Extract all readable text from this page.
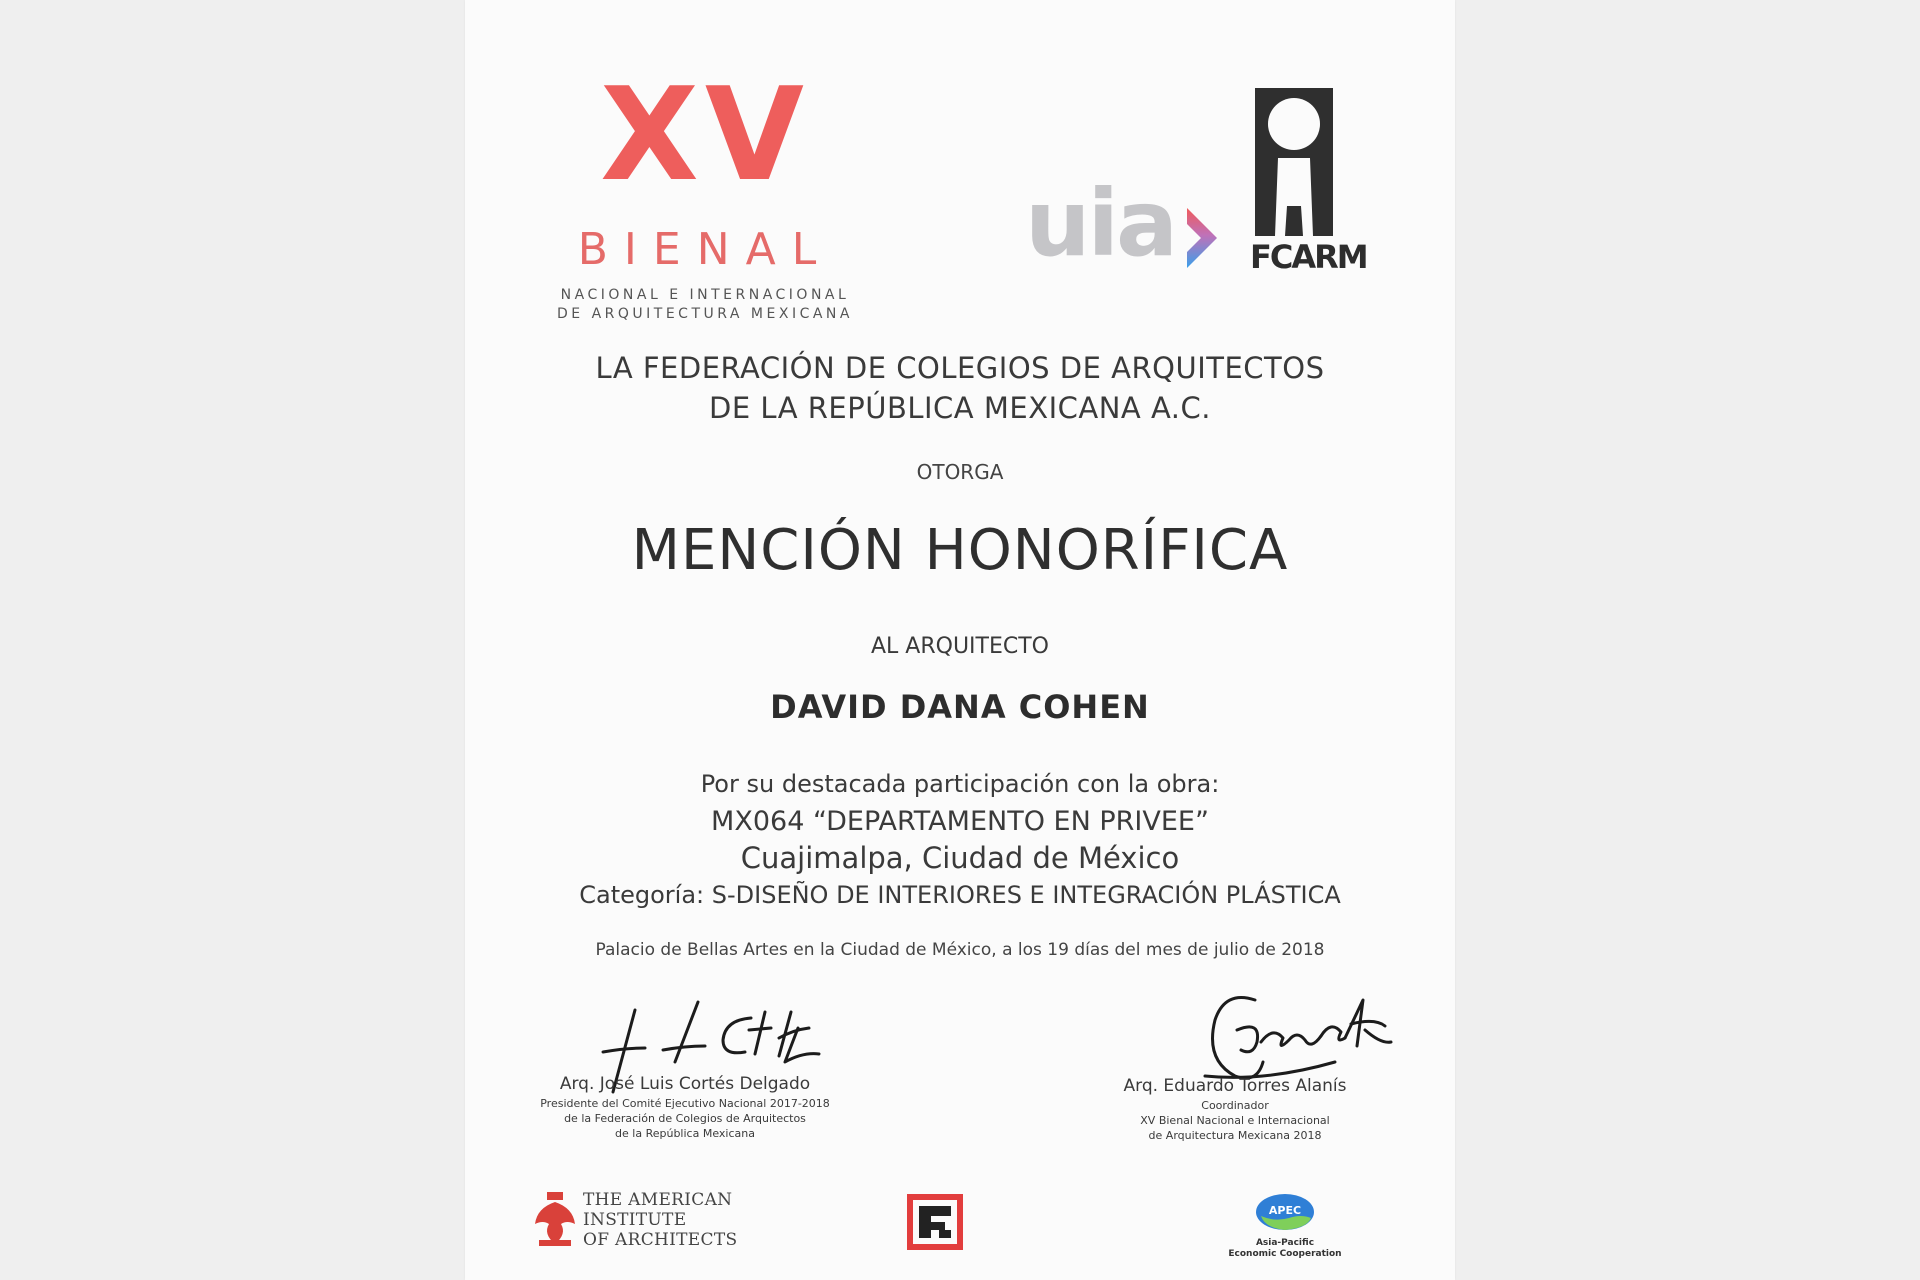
XV
BIENAL
NACIONAL E INTERNACIONAL
DE ARQUITECTURA MEXICANA
uia FCARM
LA FEDERACIÓN DE COLEGIOS DE ARQUITECTOS
DE LA REPÚBLICA MEXICANA A.C.
OTORGA
MENCIÓN HONORÍFICA
AL ARQUITECTO
DAVID DANA COHEN
Por su destacada participación con la obra:
MX064 “DEPARTAMENTO EN PRIVEE”
Cuajimalpa, Ciudad de México
Categoría: S-DISEÑO DE INTERIORES E INTEGRACIÓN PLÁSTICA
Palacio de Bellas Artes en la Ciudad de México, a los 19 días del mes de julio de 2018
Arq. José Luis Cortés Delgado
Presidente del Comité Ejecutivo Nacional 2017-2018
de la Federación de Colegios de Arquitectos
de la República Mexicana
Arq. Eduardo Torres Alanís
Coordinador
XV Bienal Nacional e Internacional
de Arquitectura Mexicana 2018
THE AMERICAN
INSTITUTE
OF ARCHITECTS
APEC
Asia-Pacific
Economic Cooperation
